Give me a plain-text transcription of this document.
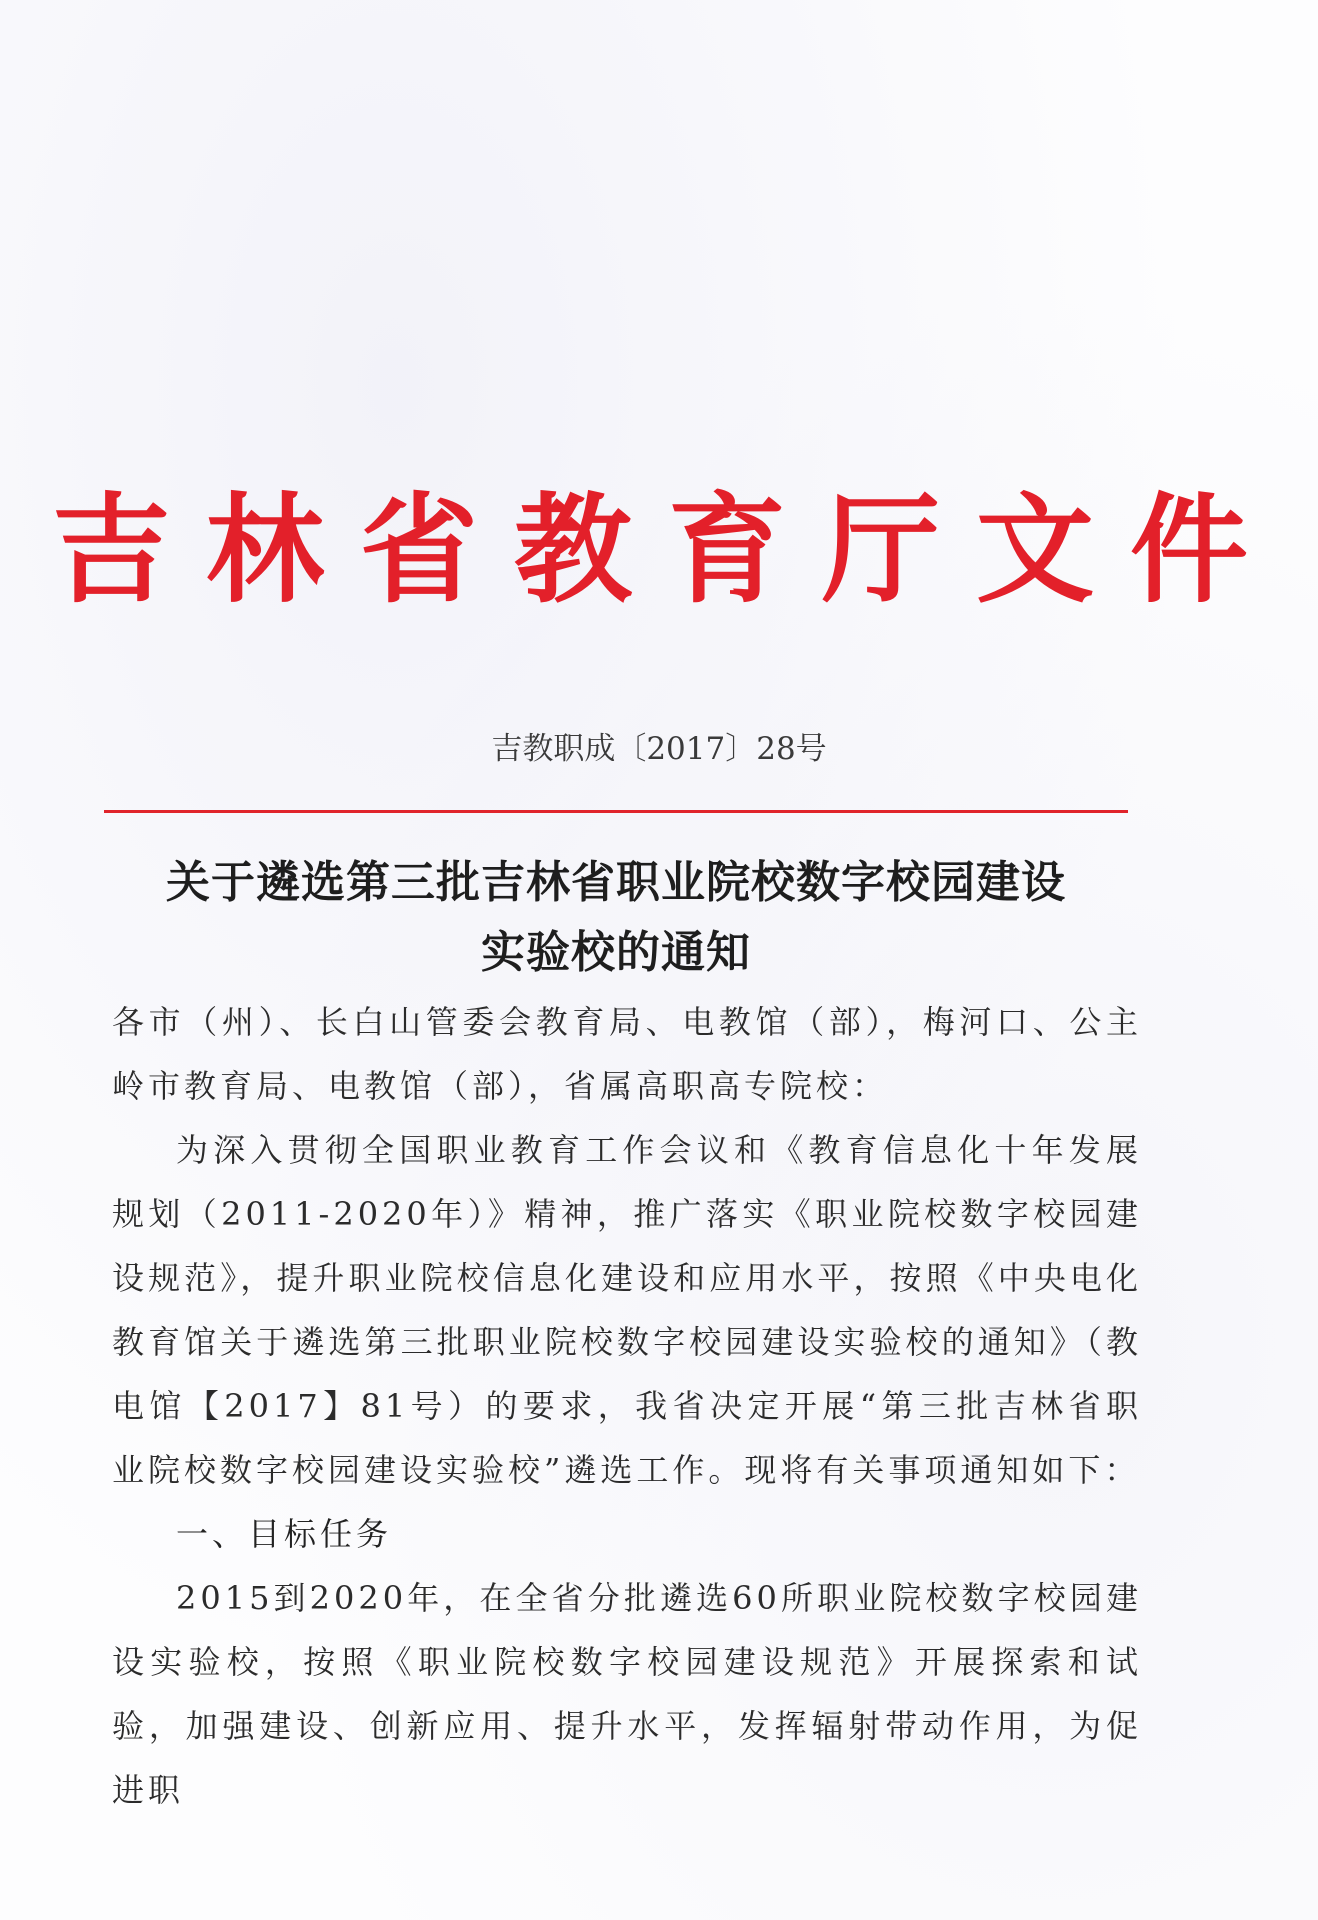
吉林省教育厅文件
吉教职成〔2017〕28号
关于遴选第三批吉林省职业院校数字校园建设
实验校的通知

各市（州）、长白山管委会教育局、电教馆（部），梅河口、公主岭市教育局、电教馆（部），省属高职高专院校：

为深入贯彻全国职业教育工作会议和《教育信息化十年发展规划（2011-2020年）》精神，推广落实《职业院校数字校园建设规范》，提升职业院校信息化建设和应用水平，按照《中央电化教育馆关于遴选第三批职业院校数字校园建设实验校的通知》（教电馆【2017】81号）的要求，我省决定开展“第三批吉林省职业院校数字校园建设实验校”遴选工作。现将有关事项通知如下：

一、目标任务

2015到2020年，在全省分批遴选60所职业院校数字校园建设实验校，按照《职业院校数字校园建设规范》开展探索和试验，加强建设、创新应用、提升水平，发挥辐射带动作用，为促进职
